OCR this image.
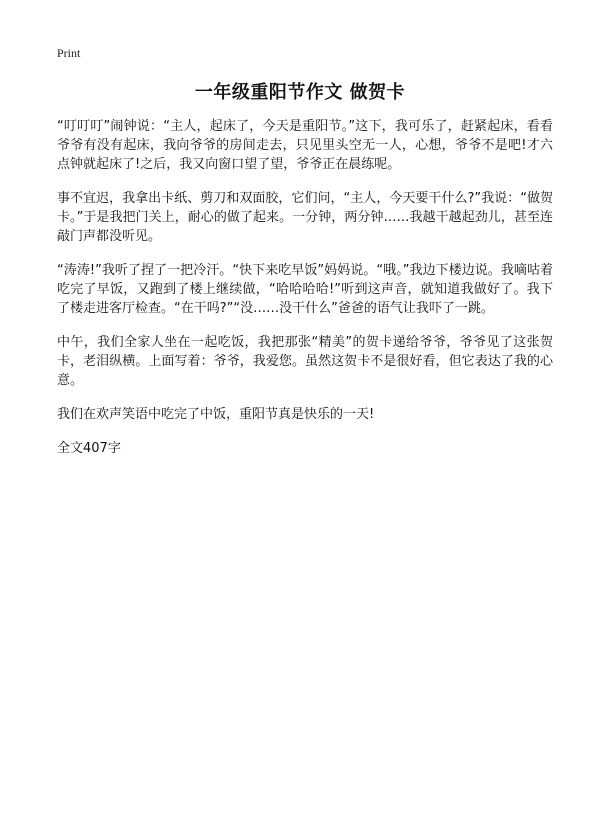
Print
一年级重阳节作文 做贺卡

“叮叮叮”闹钟说：“主人，起床了，今天是重阳节。”这下，我可乐了，赶紧起床，看看爷爷有没有起床，我向爷爷的房间走去，只见里头空无一人，心想，爷爷不是吧!才六点钟就起床了!之后，我又向窗口望了望，爷爷正在晨练呢。

事不宜迟，我拿出卡纸、剪刀和双面胶，它们问，“主人，今天要干什么?”我说：“做贺卡。”于是我把门关上，耐心的做了起来。一分钟，两分钟……我越干越起劲儿，甚至连敲门声都没听见。

“涛涛!”我听了捏了一把冷汗。“快下来吃早饭”妈妈说。“哦。”我边下楼边说。我嘀咕着吃完了早饭，又跑到了楼上继续做，“哈哈哈哈!”听到这声音，就知道我做好了。我下了楼走进客厅检查。“在干吗?”“没……没干什么”爸爸的语气让我吓了一跳。

中午，我们全家人坐在一起吃饭，我把那张“精美”的贺卡递给爷爷，爷爷见了这张贺卡，老泪纵横。上面写着：爷爷，我爱您。虽然这贺卡不是很好看，但它表达了我的心意。

我们在欢声笑语中吃完了中饭，重阳节真是快乐的一天!

全文407字
